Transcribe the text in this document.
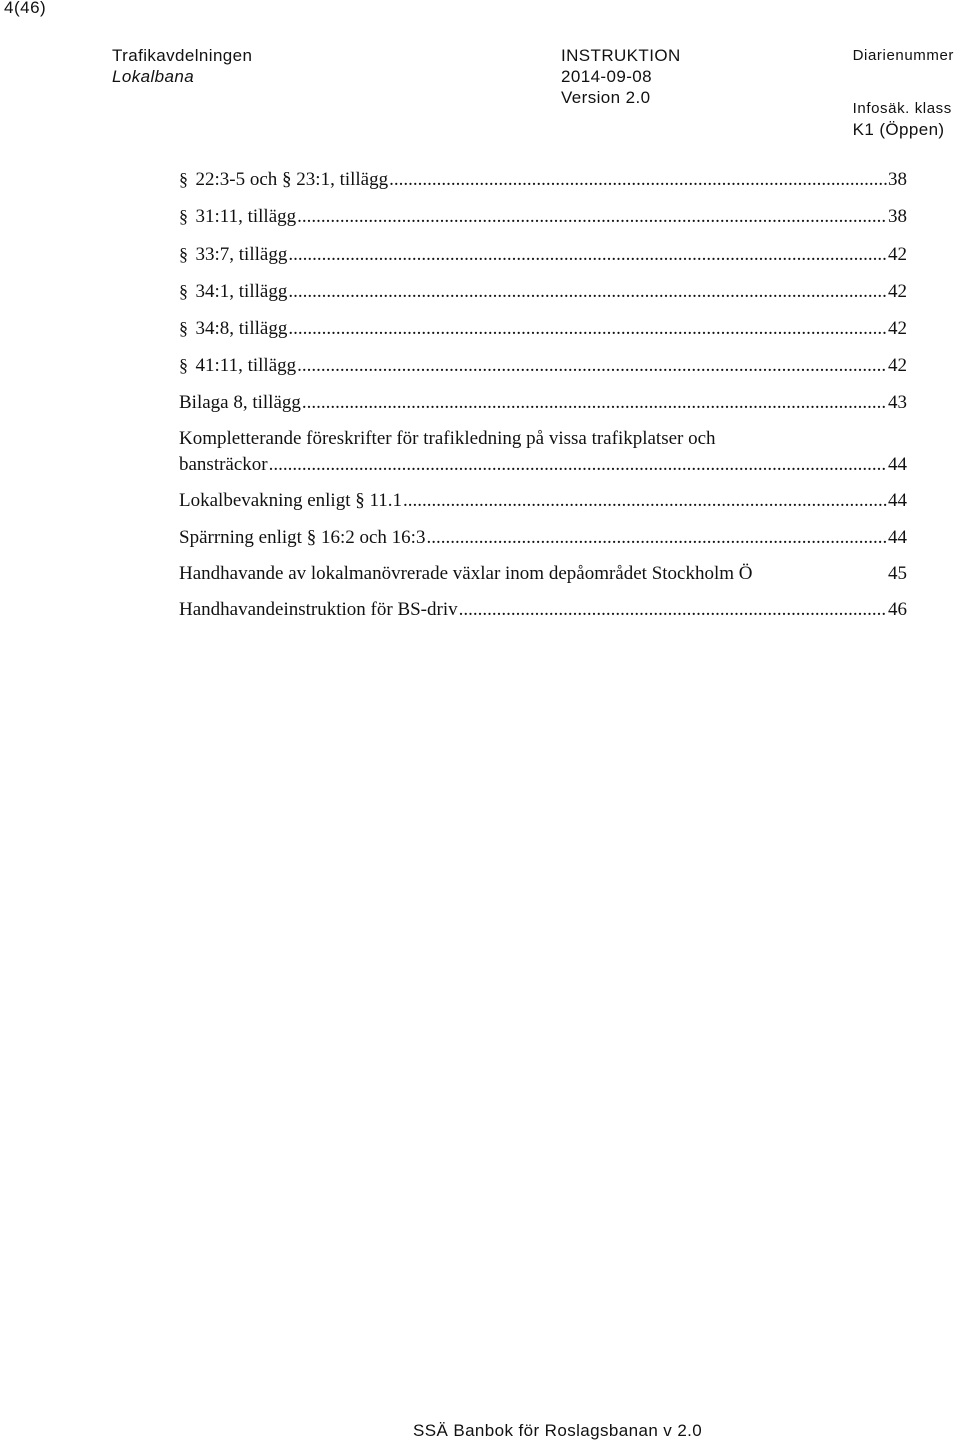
4(46)
Trafikavdelningen
Lokalbana
INSTRUKTION
2014-09-08
Version 2.0
Diarienummer
Infosäk. klass
K1 (Öppen)
§ 22:3-5 och § 23:1, tillägg .....	38
§ 31:11, tillägg .....	38
§ 33:7, tillägg .....	42
§ 34:1, tillägg .....	42
§ 34:8, tillägg .....	42
§ 41:11, tillägg .....	42
Bilaga 8, tillägg .....	43
Kompletterande föreskrifter för trafikledning på vissa trafikplatser och
bansträckor .....	44
Lokalbevakning enligt § 11.1 .....	44
Spärrning enligt § 16:2 och 16:3 .....	44
Handhavande av lokalmanövrerade växlar inom depåområdet Stockholm Ö	45
Handhavandeinstruktion för BS-driv .....	46
SSÄ Banbok för Roslagsbanan v 2.0
